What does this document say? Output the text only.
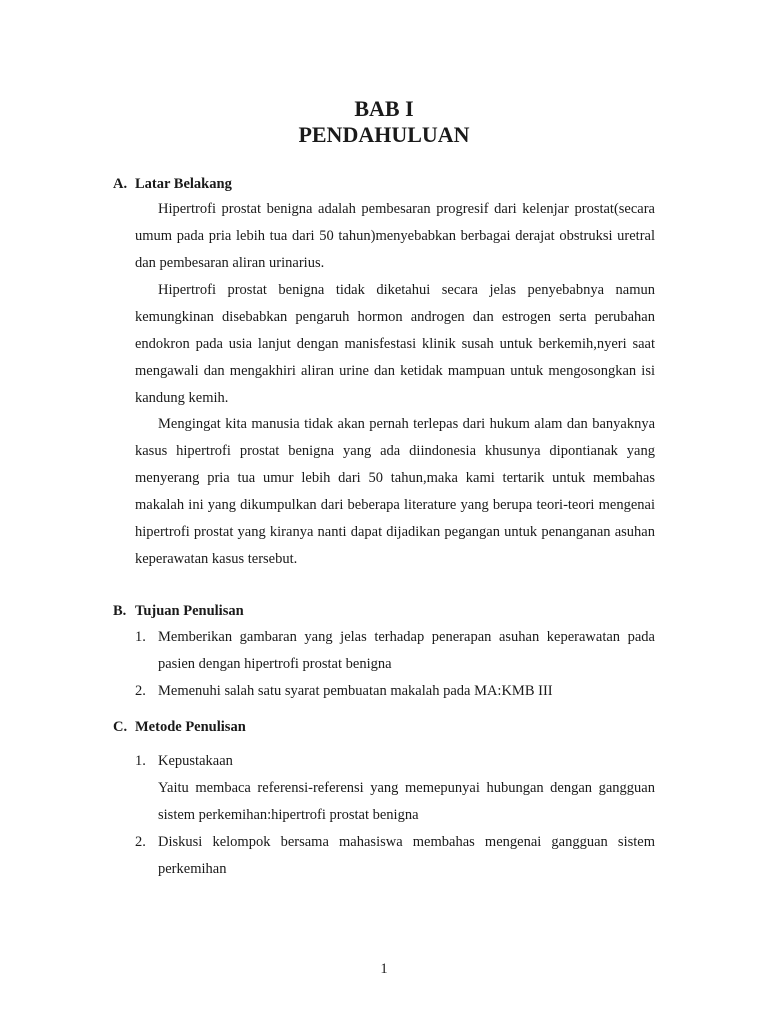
BAB I
PENDAHULUAN
A. Latar Belakang

Hipertrofi prostat benigna adalah pembesaran progresif dari kelenjar prostat(secara umum pada pria lebih tua dari 50 tahun)menyebabkan berbagai derajat obstruksi uretral dan pembesaran aliran urinarius.

Hipertrofi prostat benigna tidak diketahui secara jelas penyebabnya namun kemungkinan disebabkan pengaruh hormon androgen dan estrogen serta perubahan endokron pada usia lanjut dengan manisfestasi klinik susah untuk berkemih,nyeri saat mengawali dan mengakhiri aliran urine dan ketidak mampuan untuk mengosongkan isi kandung kemih.

Mengingat kita manusia tidak akan pernah terlepas dari hukum alam dan banyaknya kasus hipertrofi prostat benigna yang ada diindonesia khusunya dipontianak yang menyerang pria tua umur lebih dari 50 tahun,maka kami tertarik untuk membahas makalah ini yang dikumpulkan dari beberapa literature yang berupa teori-teori mengenai hipertrofi prostat yang kiranya nanti dapat dijadikan pegangan untuk penanganan asuhan keperawatan kasus tersebut.

B. Tujuan Penulisan
1. Memberikan gambaran yang jelas terhadap penerapan asuhan keperawatan pada pasien dengan hipertrofi prostat benigna
2. Memenuhi salah satu syarat pembuatan makalah pada MA:KMB III
C. Metode Penulisan
1. Kepustakaan
Yaitu membaca referensi-referensi yang memepunyai hubungan dengan gangguan sistem perkemihan:hipertrofi prostat benigna
2. Diskusi kelompok bersama mahasiswa membahas mengenai gangguan sistem perkemihan
1
